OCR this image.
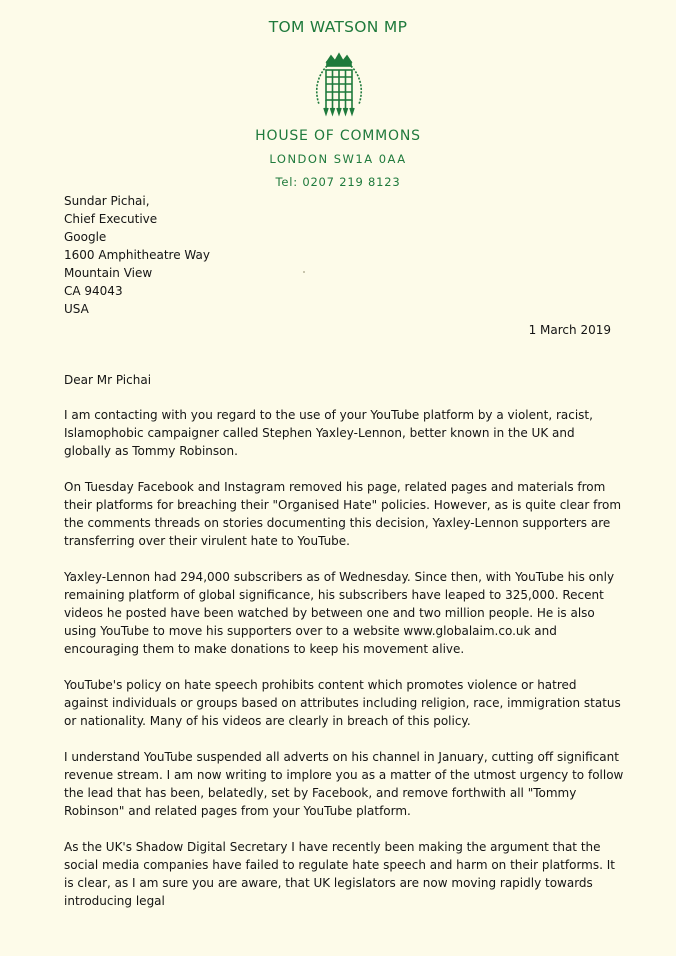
TOM WATSON MP
HOUSE OF COMMONS
LONDON SW1A 0AA
Tel: 0207 219 8123
Sundar Pichai,
Chief Executive
Google
1600 Amphitheatre Way
Mountain View
CA 94043
USA
1 March 2019
Dear Mr Pichai

I am contacting with you regard to the use of your YouTube platform by a violent, racist, Islamophobic campaigner called Stephen Yaxley-Lennon, better known in the UK and globally as Tommy Robinson.

On Tuesday Facebook and Instagram removed his page, related pages and materials from their platforms for breaching their "Organised Hate" policies. However, as is quite clear from the comments threads on stories documenting this decision, Yaxley-Lennon supporters are transferring over their virulent hate to YouTube.

Yaxley-Lennon had 294,000 subscribers as of Wednesday. Since then, with YouTube his only remaining platform of global significance, his subscribers have leaped to 325,000. Recent videos he posted have been watched by between one and two million people. He is also using YouTube to move his supporters over to a website www.globalaim.co.uk and encouraging them to make donations to keep his movement alive.

YouTube's policy on hate speech prohibits content which promotes violence or hatred against individuals or groups based on attributes including religion, race, immigration status or nationality. Many of his videos are clearly in breach of this policy.

I understand YouTube suspended all adverts on his channel in January, cutting off significant revenue stream. I am now writing to implore you as a matter of the utmost urgency to follow the lead that has been, belatedly, set by Facebook, and remove forthwith all "Tommy Robinson" and related pages from your YouTube platform.

As the UK's Shadow Digital Secretary I have recently been making the argument that the social media companies have failed to regulate hate speech and harm on their platforms. It is clear, as I am sure you are aware, that UK legislators are now moving rapidly towards introducing legal
